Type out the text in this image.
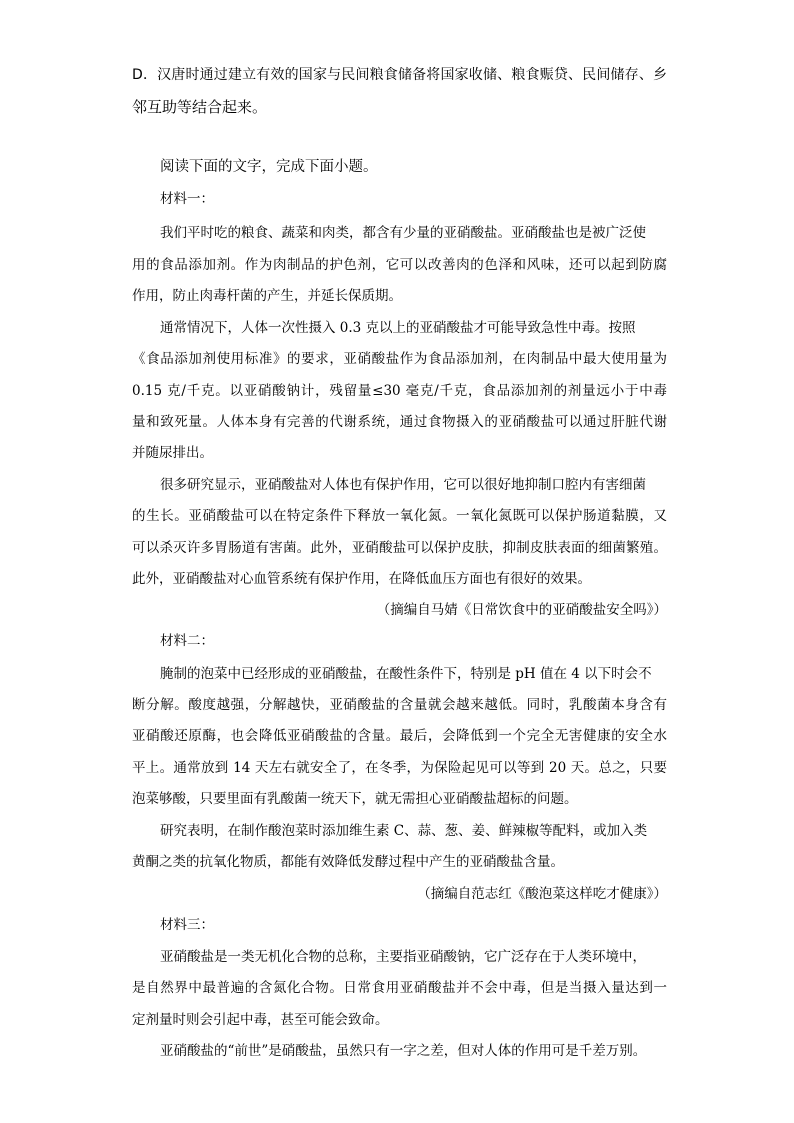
D．汉唐时通过建立有效的国家与民间粮食储备将国家收储、粮食赈贷、民间储存、乡
邻互助等结合起来。
阅读下面的文字，完成下面小题。
材料一：
我们平时吃的粮食、蔬菜和肉类，都含有少量的亚硝酸盐。亚硝酸盐也是被广泛使
用的食品添加剂。作为肉制品的护色剂，它可以改善肉的色泽和风味，还可以起到防腐
作用，防止肉毒杆菌的产生，并延长保质期。
通常情况下，人体一次性摄入 0.3 克以上的亚硝酸盐才可能导致急性中毒。按照
《食品添加剂使用标准》的要求，亚硝酸盐作为食品添加剂，在肉制品中最大使用量为
0.15 克/千克。以亚硝酸钠计，残留量≤30 毫克/千克，食品添加剂的剂量远小于中毒
量和致死量。人体本身有完善的代谢系统，通过食物摄入的亚硝酸盐可以通过肝脏代谢
并随尿排出。
很多研究显示，亚硝酸盐对人体也有保护作用，它可以很好地抑制口腔内有害细菌
的生长。亚硝酸盐可以在特定条件下释放一氧化氮。一氧化氮既可以保护肠道黏膜，又
可以杀灭许多胃肠道有害菌。此外，亚硝酸盐可以保护皮肤，抑制皮肤表面的细菌繁殖。
此外，亚硝酸盐对心血管系统有保护作用，在降低血压方面也有很好的效果。
（摘编自马婧《日常饮食中的亚硝酸盐安全吗》）
材料二：
腌制的泡菜中已经形成的亚硝酸盐，在酸性条件下，特别是 pH 值在 4 以下时会不
断分解。酸度越强，分解越快，亚硝酸盐的含量就会越来越低。同时，乳酸菌本身含有
亚硝酸还原酶，也会降低亚硝酸盐的含量。最后，会降低到一个完全无害健康的安全水
平上。通常放到 14 天左右就安全了，在冬季，为保险起见可以等到 20 天。总之，只要
泡菜够酸，只要里面有乳酸菌一统天下，就无需担心亚硝酸盐超标的问题。
研究表明，在制作酸泡菜时添加维生素 C、蒜、葱、姜、鲜辣椒等配料，或加入类
黄酮之类的抗氧化物质，都能有效降低发酵过程中产生的亚硝酸盐含量。
（摘编自范志红《酸泡菜这样吃才健康》）
材料三：
亚硝酸盐是一类无机化合物的总称，主要指亚硝酸钠，它广泛存在于人类环境中，
是自然界中最普遍的含氮化合物。日常食用亚硝酸盐并不会中毒，但是当摄入量达到一
定剂量时则会引起中毒，甚至可能会致命。
亚硝酸盐的“前世”是硝酸盐，虽然只有一字之差，但对人体的作用可是千差万别。
